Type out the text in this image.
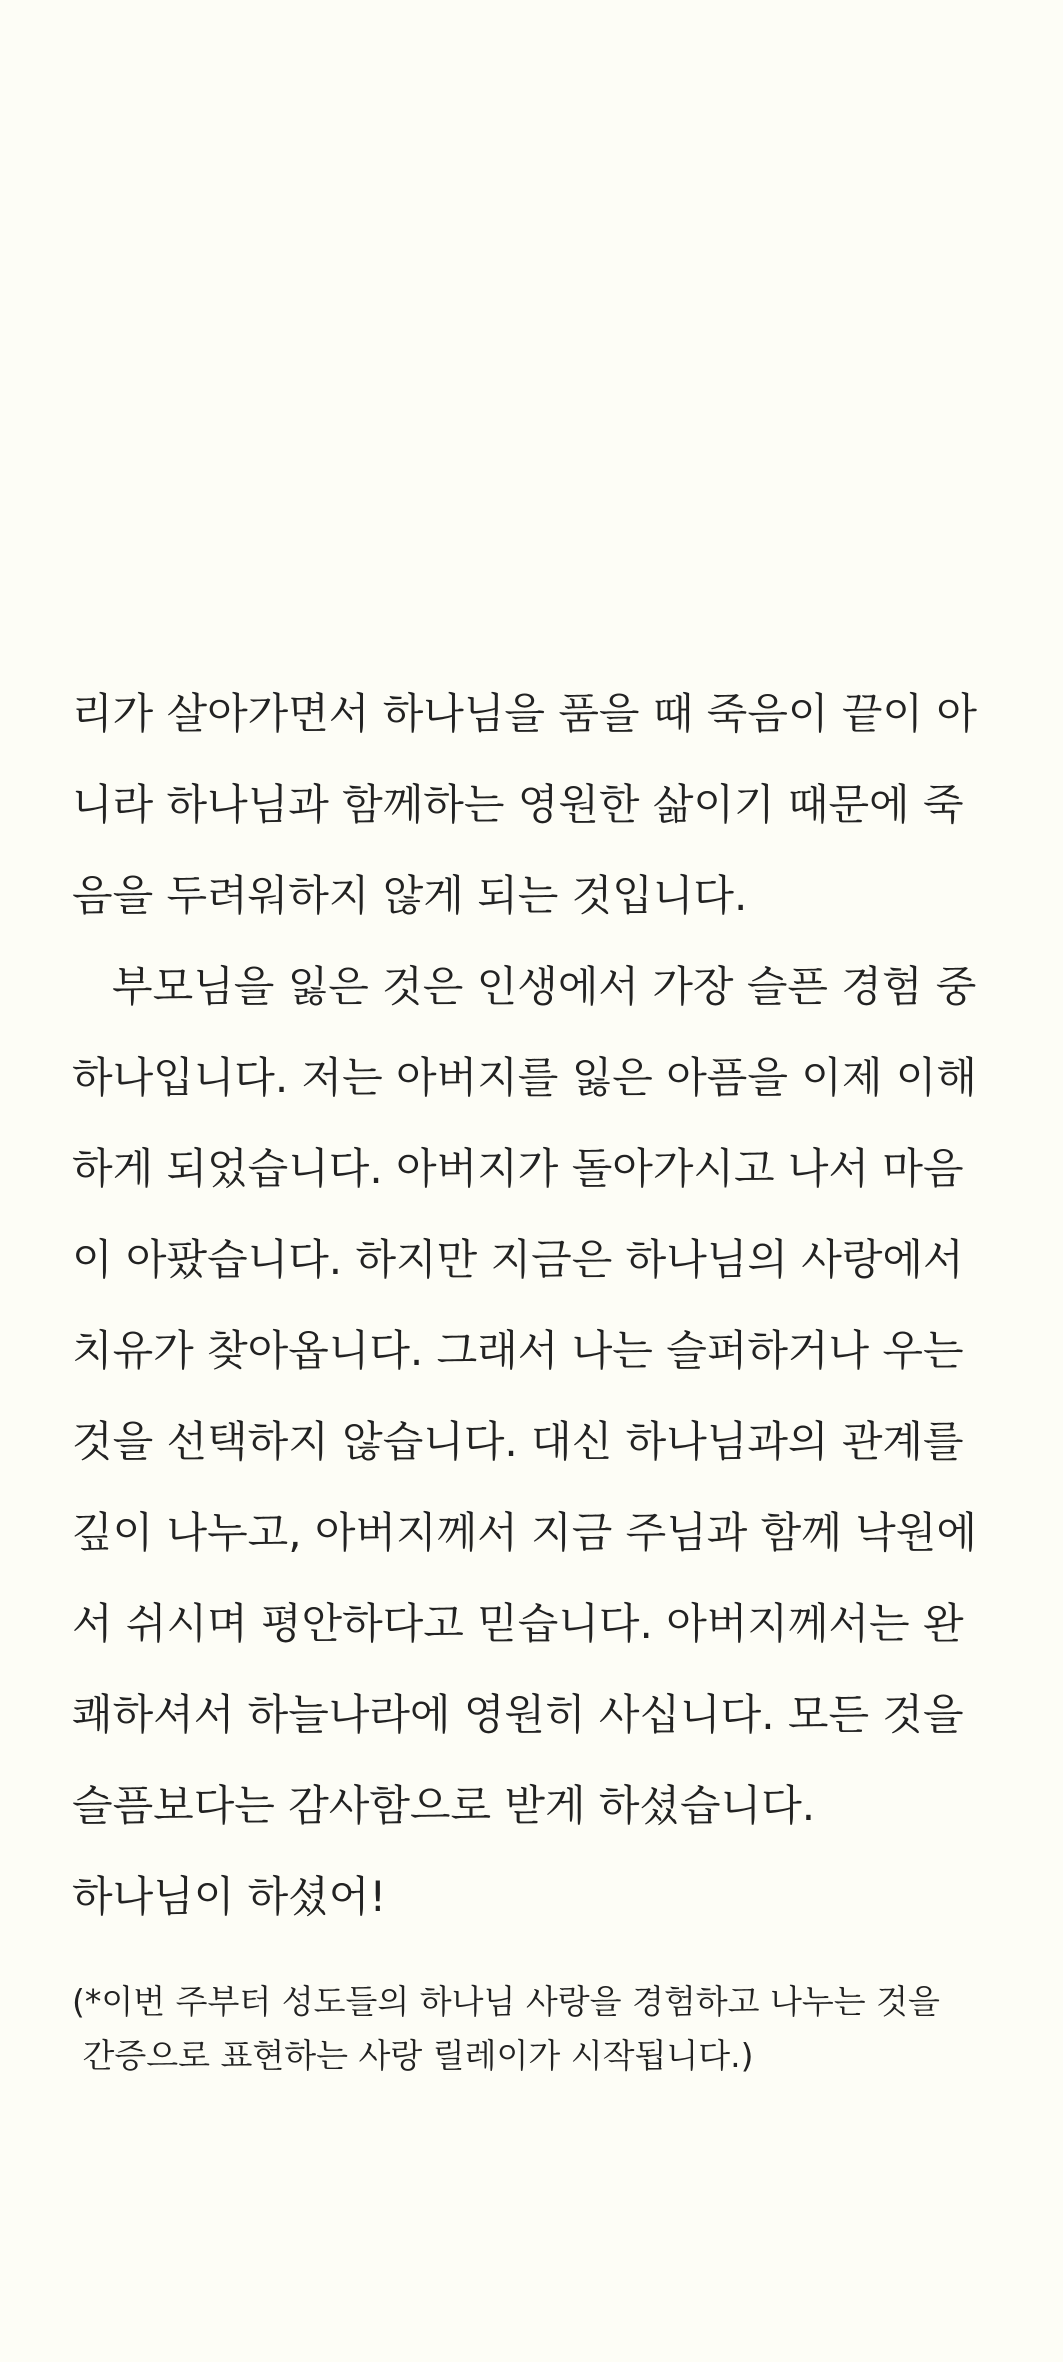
리가 살아가면서 하나님을 품을 때 죽음이 끝이 아
니라 하나님과 함께하는 영원한 삶이기 때문에 죽
음을 두려워하지 않게 되는 것입니다.
부모님을 잃은 것은 인생에서 가장 슬픈 경험 중
하나입니다. 저는 아버지를 잃은 아픔을 이제 이해
하게 되었습니다. 아버지가 돌아가시고 나서 마음
이 아팠습니다. 하지만 지금은 하나님의 사랑에서
치유가 찾아옵니다. 그래서 나는 슬퍼하거나 우는
것을 선택하지 않습니다. 대신 하나님과의 관계를
깊이 나누고, 아버지께서 지금 주님과 함께 낙원에
서 쉬시며 평안하다고 믿습니다. 아버지께서는 완
쾌하셔서 하늘나라에 영원히 사십니다. 모든 것을
슬픔보다는 감사함으로 받게 하셨습니다.
하나님이 하셨어!
(*이번 주부터 성도들의 하나님 사랑을 경험하고 나누는 것을
간증으로 표현하는 사랑 릴레이가 시작됩니다.)
